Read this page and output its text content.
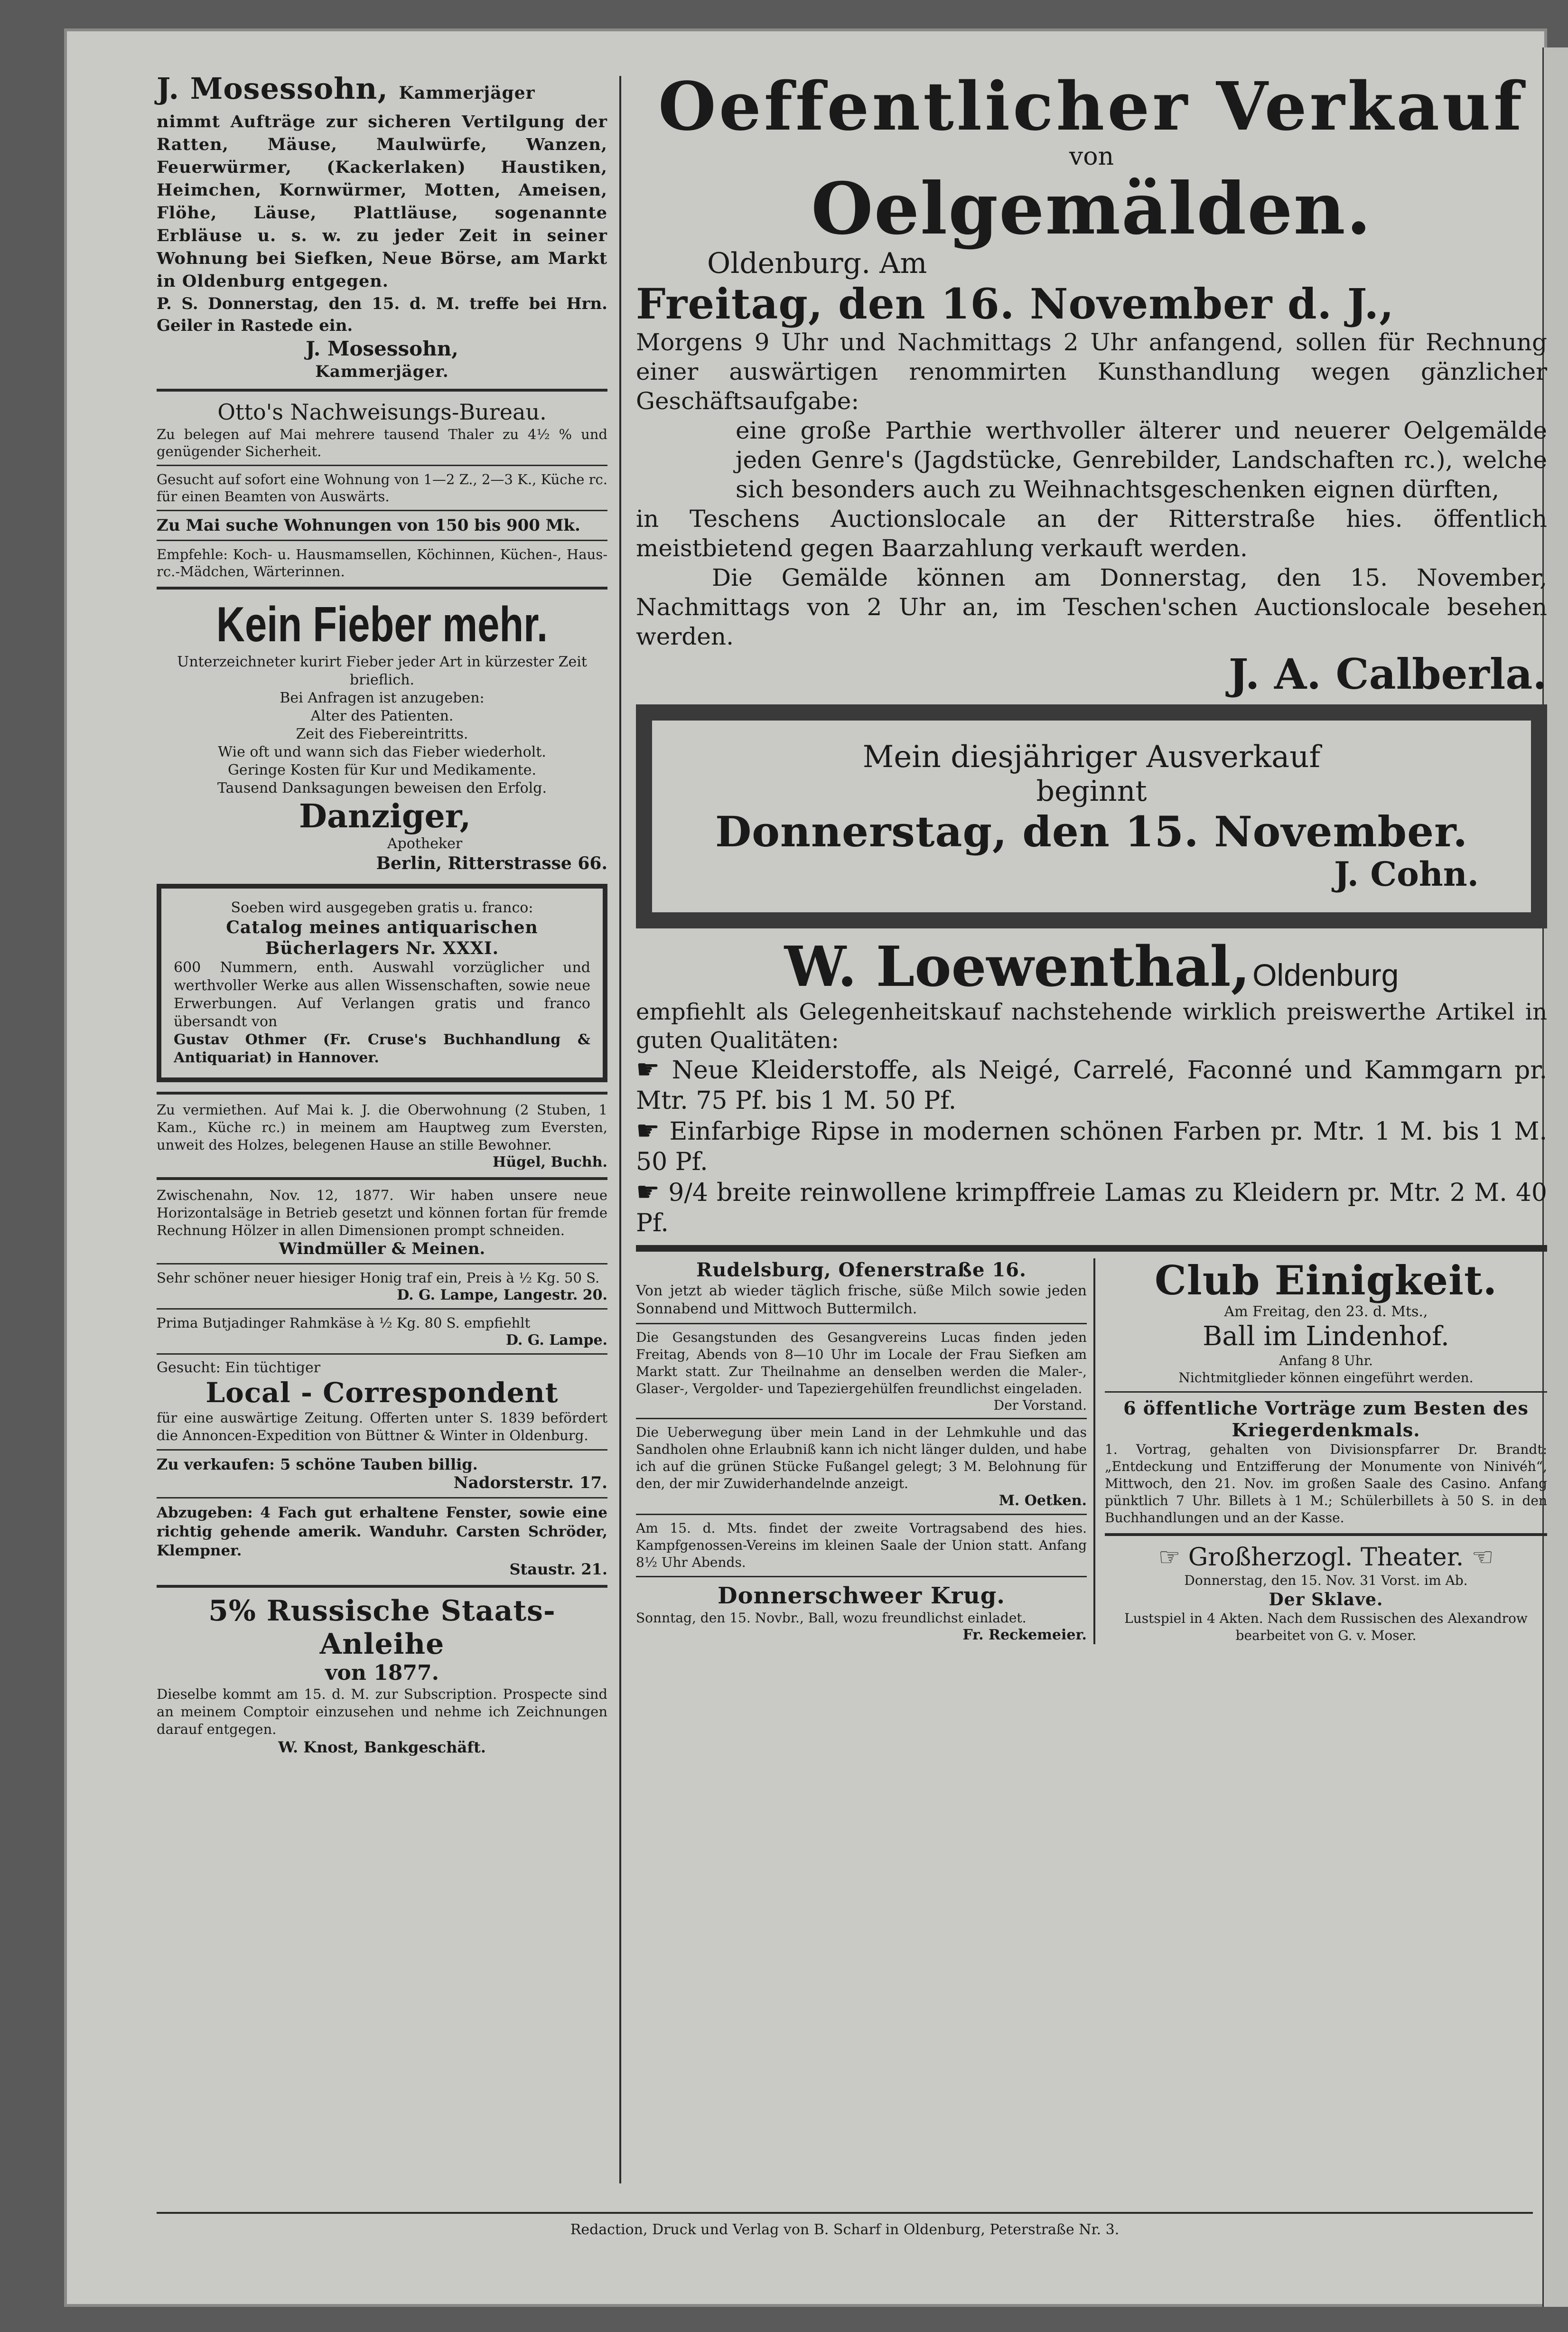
J. Mosessohn, Kammerjäger

nimmt Aufträge zur sicheren Vertilgung der Ratten, Mäuse, Maulwürfe, Wanzen, Feuerwürmer, (Kackerlaken) Haustiken, Heimchen, Kornwürmer, Motten, Ameisen, Flöhe, Läuse, Plattläuse, sogenannte Erbläuse u. s. w. zu jeder Zeit in seiner Wohnung bei Siefken, Neue Börse, am Markt in Oldenburg entgegen.

P. S. Donnerstag, den 15. d. M. treffe bei Hrn. Geiler in Rastede ein.

J. Mosessohn,

Kammerjäger.

Otto's Nachweisungs-Bureau.

Zu belegen auf Mai mehrere tausend Thaler zu 4½ % und genügender Sicherheit.

Gesucht auf sofort eine Wohnung von 1—2 Z., 2—3 K., Küche rc. für einen Beamten von Auswärts.

Zu Mai suche Wohnungen von 150 bis 900 Mk.

Empfehle: Koch- u. Hausmamsellen, Köchinnen, Küchen-, Haus- rc.-Mädchen, Wärterinnen.

Kein Fieber mehr.

Unterzeichneter kurirt Fieber jeder Art in kürzester Zeit brieflich.

Bei Anfragen ist anzugeben:

Alter des Patienten.

Zeit des Fiebereintritts.

Wie oft und wann sich das Fieber wiederholt.

Geringe Kosten für Kur und Medikamente.

Tausend Danksagungen beweisen den Erfolg.

Danziger,

Apotheker

Berlin, Ritterstrasse 66.

Soeben wird ausgegeben gratis u. franco:

Catalog meines antiquarischen Bücherlagers Nr. XXXI.

600 Nummern, enth. Auswahl vorzüglicher und werthvoller Werke aus allen Wissenschaften, sowie neue Erwerbungen. Auf Verlangen gratis und franco übersandt von

Gustav Othmer (Fr. Cruse's Buchhandlung & Antiquariat) in Hannover.

Zu vermiethen. Auf Mai k. J. die Oberwohnung (2 Stuben, 1 Kam., Küche rc.) in meinem am Hauptweg zum Eversten, unweit des Holzes, belegenen Hause an stille Bewohner.

Hügel, Buchh.

Zwischenahn, Nov. 12, 1877. Wir haben unsere neue Horizontalsäge in Betrieb gesetzt und können fortan für fremde Rechnung Hölzer in allen Dimensionen prompt schneiden.

Windmüller & Meinen.

Sehr schöner neuer hiesiger Honig traf ein, Preis à ½ Kg. 50 S.

D. G. Lampe, Langestr. 20.

Prima Butjadinger Rahmkäse à ½ Kg. 80 S. empfiehlt

D. G. Lampe.

Gesucht: Ein tüchtiger

Local - Correspondent

für eine auswärtige Zeitung. Offerten unter S. 1839 befördert die Annoncen-Expedition von Büttner & Winter in Oldenburg.

Zu verkaufen: 5 schöne Tauben billig.

Nadorsterstr. 17.

Abzugeben: 4 Fach gut erhaltene Fenster, sowie eine richtig gehende amerik. Wanduhr. Carsten Schröder, Klempner.

Staustr. 21.

5% Russische Staats-Anleihe

von 1877.

Dieselbe kommt am 15. d. M. zur Subscription. Prospecte sind an meinem Comptoir einzusehen und nehme ich Zeichnungen darauf entgegen.

W. Knost, Bankgeschäft.

Oeffentlicher Verkauf

von

Oelgemälden.

Oldenburg. Am

Freitag, den 16. November d. J.,

Morgens 9 Uhr und Nachmittags 2 Uhr anfangend, sollen für Rechnung einer auswärtigen renommirten Kunsthandlung wegen gänzlicher Geschäftsaufgabe:

eine große Parthie werthvoller älterer und neuerer Oelgemälde jeden Genre's (Jagdstücke, Genrebilder, Landschaften rc.), welche sich besonders auch zu Weihnachtsgeschenken eignen dürften,

in Teschens Auctionslocale an der Ritterstraße hies. öffentlich meistbietend gegen Baarzahlung verkauft werden.

Die Gemälde können am Donnerstag, den 15. November, Nachmittags von 2 Uhr an, im Teschen'schen Auctionslocale besehen werden.

J. A. Calberla.

Mein diesjähriger Ausverkauf

beginnt

Donnerstag, den 15. November.

J. Cohn.

W. Loewenthal, Oldenburg

empfiehlt als Gelegenheitskauf nachstehende wirklich preiswerthe Artikel in guten Qualitäten:

☛ Neue Kleiderstoffe, als Neigé, Carrelé, Faconné und Kammgarn pr. Mtr. 75 Pf. bis 1 M. 50 Pf.

☛ Einfarbige Ripse in modernen schönen Farben pr. Mtr. 1 M. bis 1 M. 50 Pf.

☛ 9/4 breite reinwollene krimpffreie Lamas zu Kleidern pr. Mtr. 2 M. 40 Pf.

Rudelsburg, Ofenerstraße 16.

Von jetzt ab wieder täglich frische, süße Milch sowie jeden Sonnabend und Mittwoch Buttermilch.

Die Gesangstunden des Gesangvereins Lucas finden jeden Freitag, Abends von 8—10 Uhr im Locale der Frau Siefken am Markt statt. Zur Theilnahme an denselben werden die Maler-, Glaser-, Vergolder- und Tapeziergehülfen freundlichst eingeladen.

Der Vorstand.

Die Ueberwegung über mein Land in der Lehmkuhle und das Sandholen ohne Erlaubniß kann ich nicht länger dulden, und habe ich auf die grünen Stücke Fußangel gelegt; 3 M. Belohnung für den, der mir Zuwiderhandelnde anzeigt.

M. Oetken.

Am 15. d. Mts. findet der zweite Vortragsabend des hies. Kampfgenossen-Vereins im kleinen Saale der Union statt. Anfang 8½ Uhr Abends.

Donnerschweer Krug.

Sonntag, den 15. Novbr., Ball, wozu freundlichst einladet.

Fr. Reckemeier.

Club Einigkeit.

Am Freitag, den 23. d. Mts.,

Ball im Lindenhof.

Anfang 8 Uhr.

Nichtmitglieder können eingeführt werden.

6 öffentliche Vorträge zum Besten des Kriegerdenkmals.

1. Vortrag, gehalten von Divisionspfarrer Dr. Brandt: „Entdeckung und Entzifferung der Monumente von Ninivéh“, Mittwoch, den 21. Nov. im großen Saale des Casino. Anfang pünktlich 7 Uhr. Billets à 1 M.; Schülerbillets à 50 S. in den Buchhandlungen und an der Kasse.

☞ Großherzogl. Theater. ☜

Donnerstag, den 15. Nov. 31 Vorst. im Ab.

Der Sklave.

Lustspiel in 4 Akten. Nach dem Russischen des Alexandrow bearbeitet von G. v. Moser.

Redaction, Druck und Verlag von B. Scharf in Oldenburg, Peterstraße Nr. 3.
